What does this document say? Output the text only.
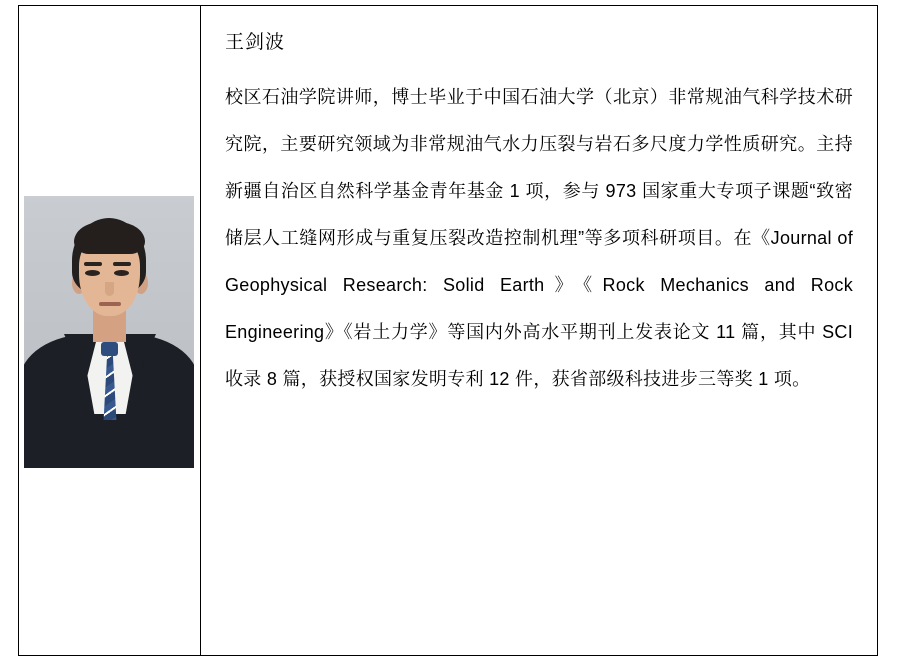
王剑波
校区石油学院讲师，博士毕业于中国石油大学（北京）非常规油气科学技术研究院，主要研究领域为非常规油气水力压裂与岩石多尺度力学性质研究。主持新疆自治区自然科学基金青年基金 1 项，参与 973 国家重大专项子课题“致密储层人工缝网形成与重复压裂改造控制机理”等多项科研项目。在《Journal of Geophysical Research: Solid Earth》《Rock Mechanics and Rock Engineering》《岩土力学》等国内外高水平期刊上发表论文 11 篇，其中 SCI 收录 8 篇，获授权国家发明专利 12 件，获省部级科技进步三等奖 1 项。
